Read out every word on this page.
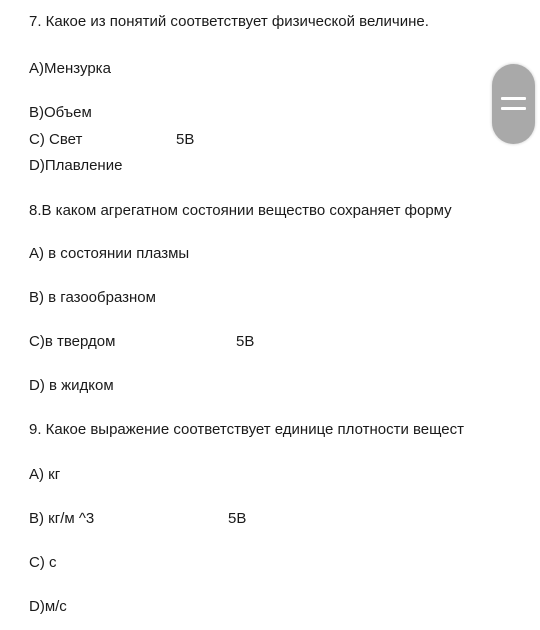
7. Какое из понятий соответствует физической величине.
А)Мензурка
В)Объем
С) Свет	5В
D)Плавление
8.В каком агрегатном состоянии вещество сохраняет форму
А) в состоянии плазмы
В) в газообразном
С)в твердом	5В
D) в жидком
9. Какое выражение соответствует единице плотности вещест
А) кг
В) кг/м ^3	5В
С) с
D)м/с
